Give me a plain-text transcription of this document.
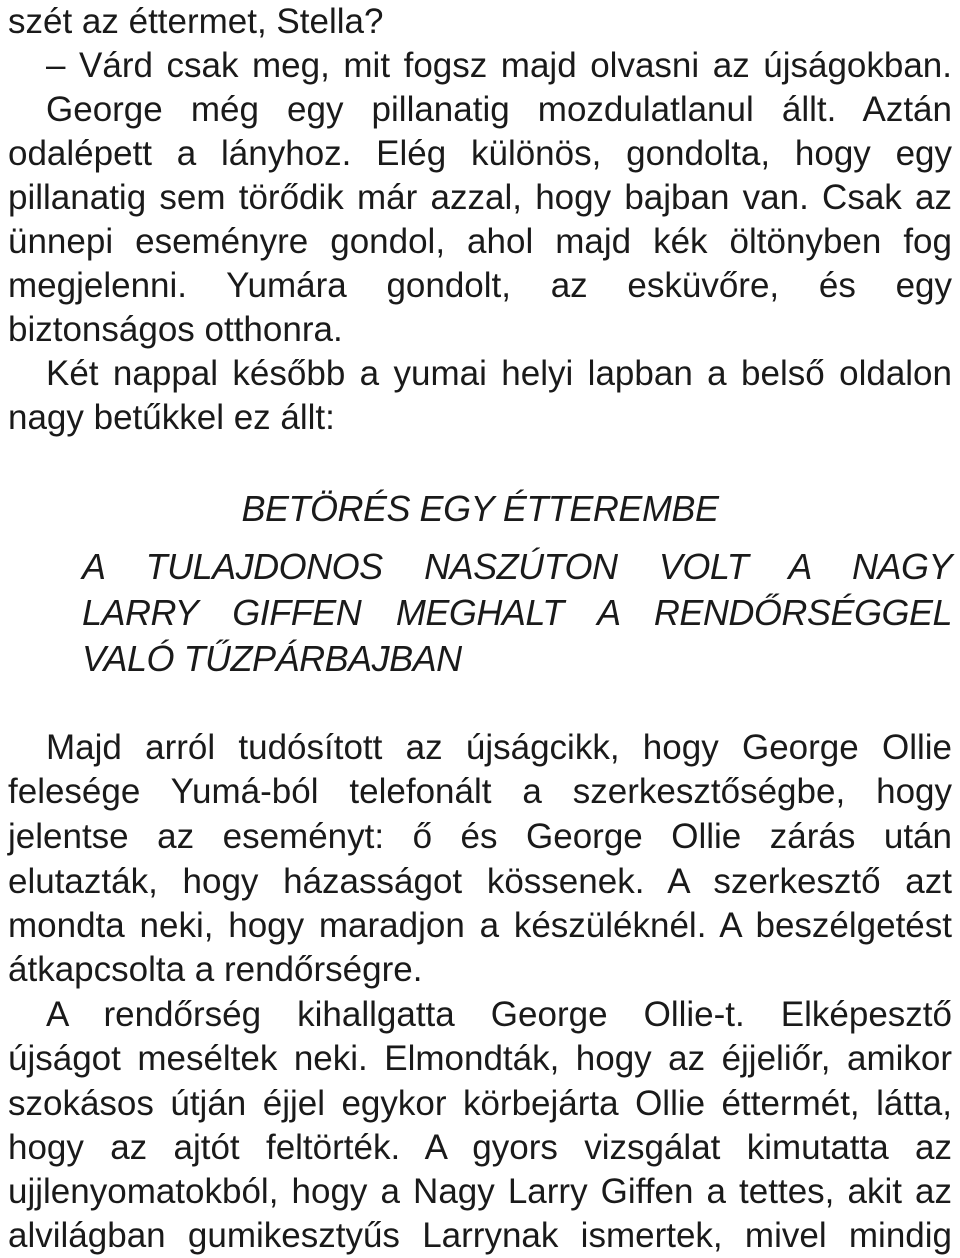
szét az éttermet, Stella?
– Várd csak meg, mit fogsz majd olvasni az újságokban.
George még egy pillanatig mozdulatlanul állt. Aztán
odalépett a lányhoz. Elég különös, gondolta, hogy egy
pillanatig sem törődik már azzal, hogy bajban van. Csak az
ünnepi eseményre gondol, ahol majd kék öltönyben fog
megjelenni. Yumára gondolt, az esküvőre, és egy
biztonságos otthonra.
Két nappal később a yumai helyi lapban a belső oldalon
nagy betűkkel ez állt:
BETÖRÉS EGY ÉTTEREMBE
A TULAJDONOS NASZÚTON VOLT A NAGY
LARRY GIFFEN MEGHALT A RENDŐRSÉGGEL
VALÓ TŰZPÁRBAJBAN
Majd arról tudósított az újságcikk, hogy George Ollie
felesége Yumá-ból telefonált a szerkesztőségbe, hogy
jelentse az eseményt: ő és George Ollie zárás után
elutazták, hogy házasságot kössenek. A szerkesztő azt
mondta neki, hogy maradjon a készüléknél. A beszélgetést
átkapcsolta a rendőrségre.
A rendőrség kihallgatta George Ollie-t. Elképesztő
újságot meséltek neki. Elmondták, hogy az éjjeliőr, amikor
szokásos útján éjjel egykor körbejárta Ollie éttermét, látta,
hogy az ajtót feltörték. A gyors vizsgálat kimutatta az
ujjlenyomatokból, hogy a Nagy Larry Giffen a tettes, akit az
alvilágban gumikesztyűs Larrynak ismertek, mivel mindig
